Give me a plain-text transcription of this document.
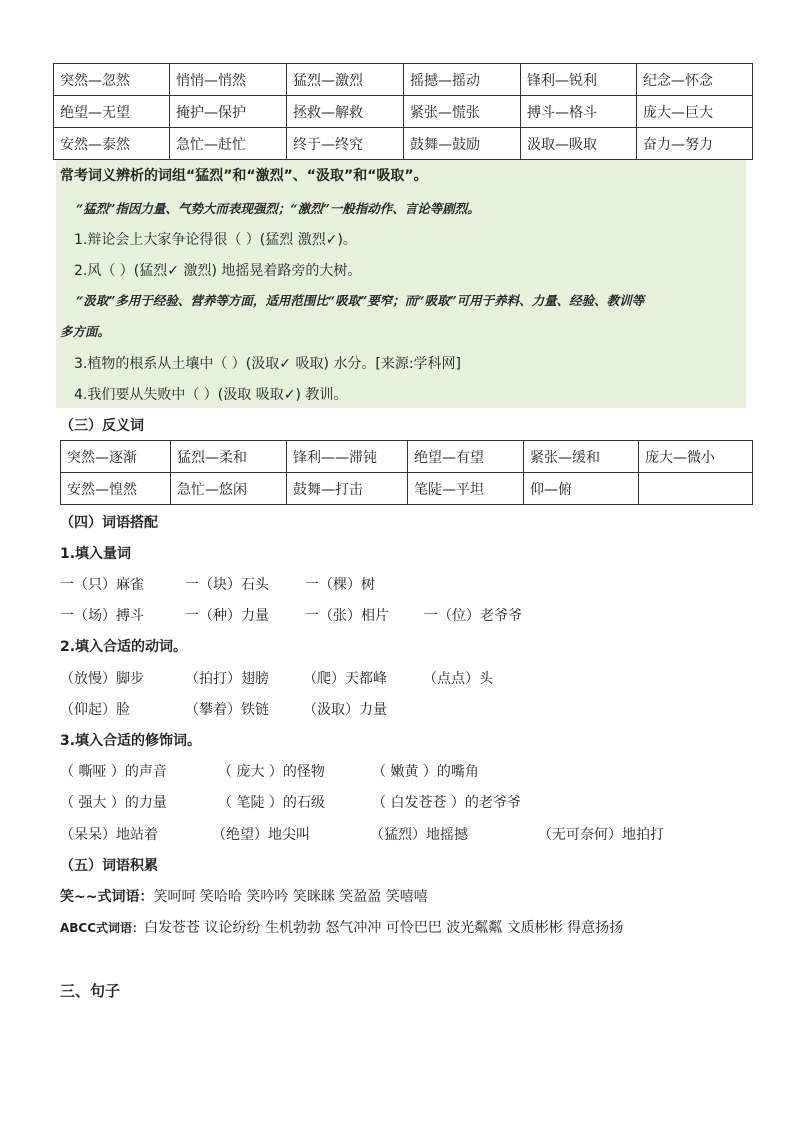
突然—忽然	悄悄—悄然	猛烈—激烈	摇撼—摇动	锋利—锐利	纪念—怀念
绝望—无望	掩护—保护	拯救—解救	紧张—慌张	搏斗—格斗	庞大—巨大
安然—泰然	急忙—赶忙	终于—终究	鼓舞—鼓励	汲取—吸取	奋力—努力
常考词义辨析的词组“猛烈”和“激烈”、“汲取”和“吸取”。
“猛烈”指因力量、气势大而表现强烈；“激烈”一般指动作、言论等剧烈。
1.辩论会上大家争论得很（ ）(猛烈 激烈✓)。
2.风（ ）(猛烈✓ 激烈) 地摇晃着路旁的大树。
“汲取”多用于经验、营养等方面，适用范围比“吸取”要窄；而“吸取”可用于养料、力量、经验、教训等
多方面。
3.植物的根系从土壤中（ ）(汲取✓ 吸取) 水分。[来源:学科网]
4.我们要从失败中（ ）(汲取 吸取✓) 教训。
（三）反义词
突然—逐渐	猛烈—柔和	锋利——滞钝	绝望—有望	紧张—缓和	庞大—微小
安然—惶然	急忙—悠闲	鼓舞—打击	笔陡—平坦	仰—俯	
（四）词语搭配
1.填入量词
一（只）麻雀	一（块）石头	一（棵）树
一（场）搏斗	一（种）力量	一（张）相片	一（位）老爷爷
2.填入合适的动词。
（放慢）脚步	（拍打）翅膀 （爬）天都峰	（点点）头
（仰起）脸	（攀着）铁链 （汲取）力量
3.填入合适的修饰词。
（ 嘶哑 ）的声音	（ 庞大 ）的怪物	（ 嫩黄 ）的嘴角
（ 强大 ）的力量	（ 笔陡 ）的石级	（ 白发苍苍 ）的老爷爷
（呆呆）地站着	（绝望）地尖叫	（猛烈）地摇撼	（无可奈何）地拍打
（五）词语积累
笑~~式词语：笑呵呵 笑哈哈 笑吟吟 笑眯眯 笑盈盈 笑嘻嘻
ABCC式词语：白发苍苍 议论纷纷 生机勃勃 怒气冲冲 可怜巴巴 波光粼粼 文质彬彬 得意扬扬
三、句子
